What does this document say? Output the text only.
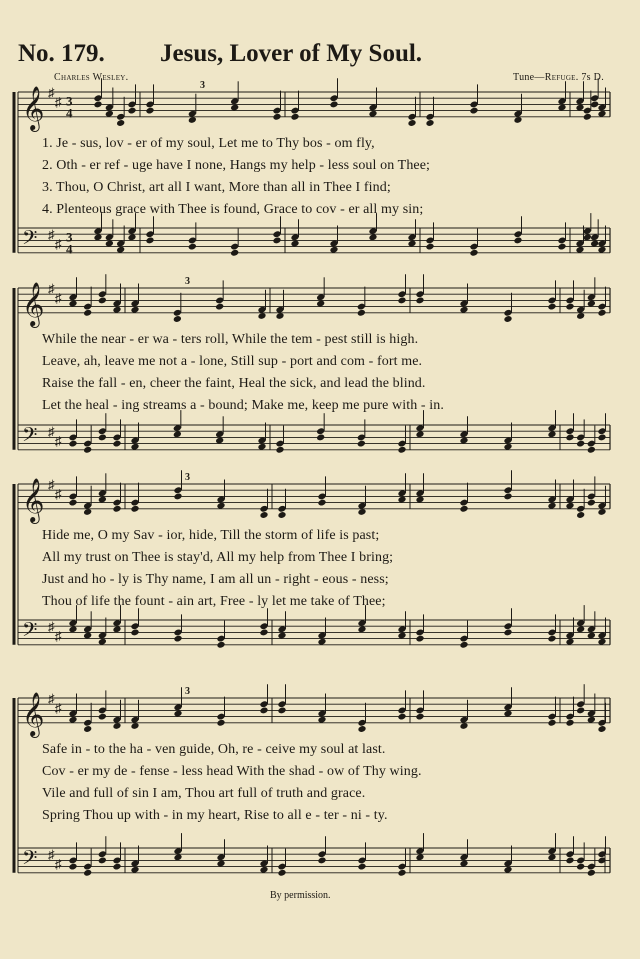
No. 179. Jesus, Lover of My Soul.
Charles Wesley.	Tune—Refuge. 7s D.
𝄞 ♯
♯ 3
4
𝄢 ♯
♯ 3
4
3
𝄞 ♯
♯
𝄢 ♯
♯
3
𝄞 ♯
♯
𝄢 ♯
♯
3
𝄞 ♯
♯
𝄢 ♯
♯
3
1. Je - sus, lov - er of my soul, Let me to Thy bos - om fly,
2. Oth - er ref - uge have I none, Hangs my help - less soul on Thee;
3. Thou, O Christ, art all I want, More than all in Thee I find;
4. Plenteous grace with Thee is found, Grace to cov - er all my sin;
While the near - er wa - ters roll, While the tem - pest still is high.
Leave, ah, leave me not a - lone, Still sup - port and com - fort me.
Raise the fall - en, cheer the faint, Heal the sick, and lead the blind.
Let the heal - ing streams a - bound; Make me, keep me pure with - in.
Hide me, O my Sav - ior, hide, Till the storm of life is past;
All my trust on Thee is stay'd, All my help from Thee I bring;
Just and ho - ly is Thy name, I am all un - right - eous - ness;
Thou of life the fount - ain art, Free - ly let me take of Thee;
Safe in - to the ha - ven guide, Oh, re - ceive my soul at last.
Cov - er my de - fense - less head With the shad - ow of Thy wing.
Vile and full of sin I am, Thou art full of truth and grace.
Spring Thou up with - in my heart, Rise to all e - ter - ni - ty.
By permission.
